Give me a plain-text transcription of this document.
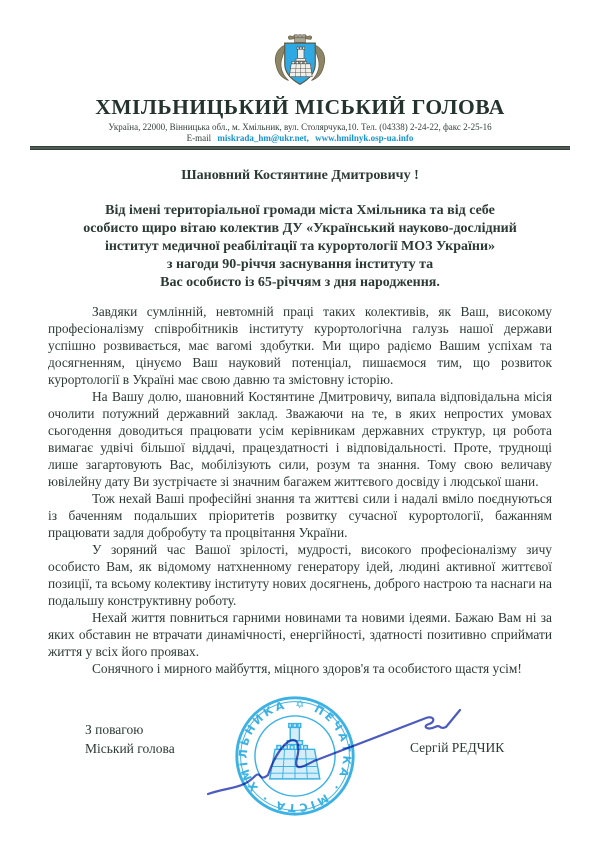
ХМІЛЬНИЦЬКИЙ МІСЬКИЙ ГОЛОВА
Україна, 22000, Вінницька обл., м. Хмільник, вул. Столярчука,10. Тел. (04338) 2-24-22, факс 2-25-16
E-mail miskrada_hm@ukr.net, www.hmilnyk.osp-ua.info

Шановний Костянтине Дмитровичу !

Від імені територіальної громади міста Хмільника та від себе
особисто щиро вітаю колектив ДУ «Український науково-дослідний
інститут медичної реабілітації та курортології МОЗ України»
з нагоди 90-річчя заснування інституту та
Вас особисто із 65-річчям з дня народження.

Завдяки сумлінній, невтомній праці таких колективів, як Ваш, високому професіоналізму співробітників інституту курортологічна галузь нашої держави успішно розвивається, має вагомі здобутки. Ми щиро радіємо Вашим успіхам та досягненням, цінуємо Ваш науковий потенціал, пишаємося тим, що розвиток курортології в Україні має свою давню та змістовну історію.

На Вашу долю, шановний Костянтине Дмитровичу, випала відповідальна місія очолити потужний державний заклад. Зважаючи на те, в яких непростих умовах сьогодення доводиться працювати усім керівникам державних структур, ця робота вимагає удвічі більшої віддачі, працездатності і відповідальності. Проте, труднощі лише загартовують Вас, мобілізують сили, розум та знання. Тому свою величаву ювілейну дату Ви зустрічаєте зі значним багажем життєвого досвіду і людської шани.

Тож нехай Ваші професійні знання та життєві сили і надалі вміло поєднуються із баченням подальших пріоритетів розвитку сучасної курортології, бажанням працювати задля добробуту та процвітання України.

У зоряний час Вашої зрілості, мудрості, високого професіоналізму зичу особисто Вам, як відомому натхненному генератору ідей, людині активної життєвої позиції, та всьому колективу інституту нових досягнень, доброго настрою та наснаги на подальшу конструктивну роботу.

Нехай життя повниться гарними новинами та новими ідеями. Бажаю Вам ні за яких обставин не втрачати динамічності, енергійності, здатності позитивно сприймати життя у всіх його проявах.

Сонячного і мирного майбуття, міцного здоров'я та особистого щастя усім!

З повагою
Міський голова	Сергій РЕДЧИК
✡ ПЕЧАТКА · МІСТА · ХМІЛЬНИКА
